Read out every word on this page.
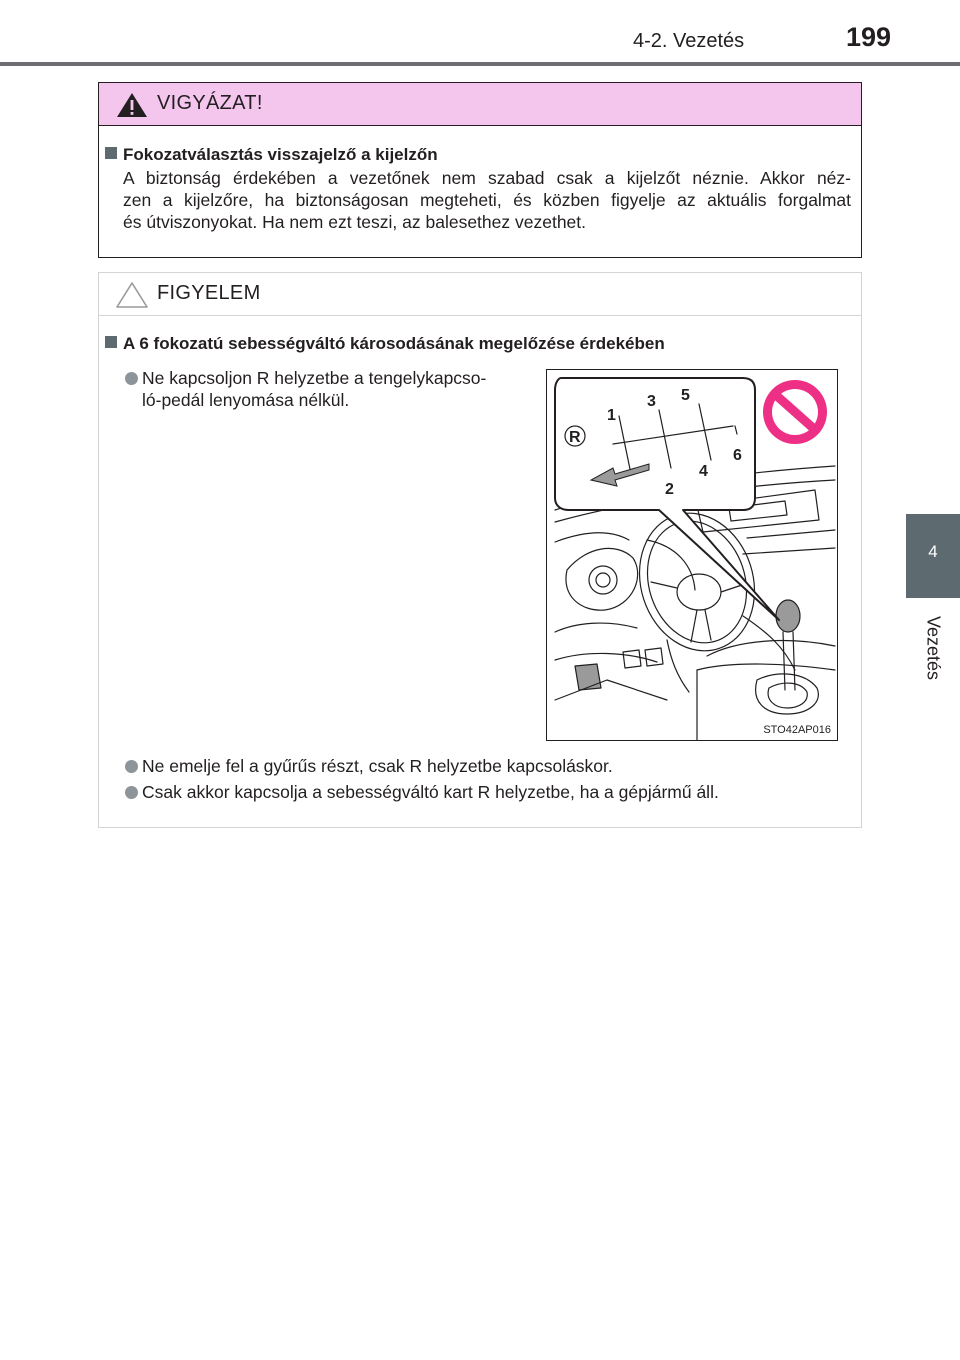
4-2. Vezetés	199
4
Vezetés
VIGYÁZAT!
Fokozatválasztás visszajelző a kijelzőn
A biztonság érdekében a vezetőnek nem szabad csak a kijelzőt néznie. Akkor néz-
zen a kijelzőre, ha biztonságosan megteheti, és közben figyelje az aktuális forgalmat
és útviszonyokat. Ha nem ezt teszi, az balesethez vezethet.
FIGYELEM
A 6 fokozatú sebességváltó károsodásának megelőzése érdekében
Ne kapcsoljon R helyzetbe a tengelykapcso-
ló-pedál lenyomása nélkül.
R
1
2
3
4
5
6
STO42AP016
Ne emelje fel a gyűrűs részt, csak R helyzetbe kapcsoláskor.
Csak akkor kapcsolja a sebességváltó kart R helyzetbe, ha a gépjármű áll.
